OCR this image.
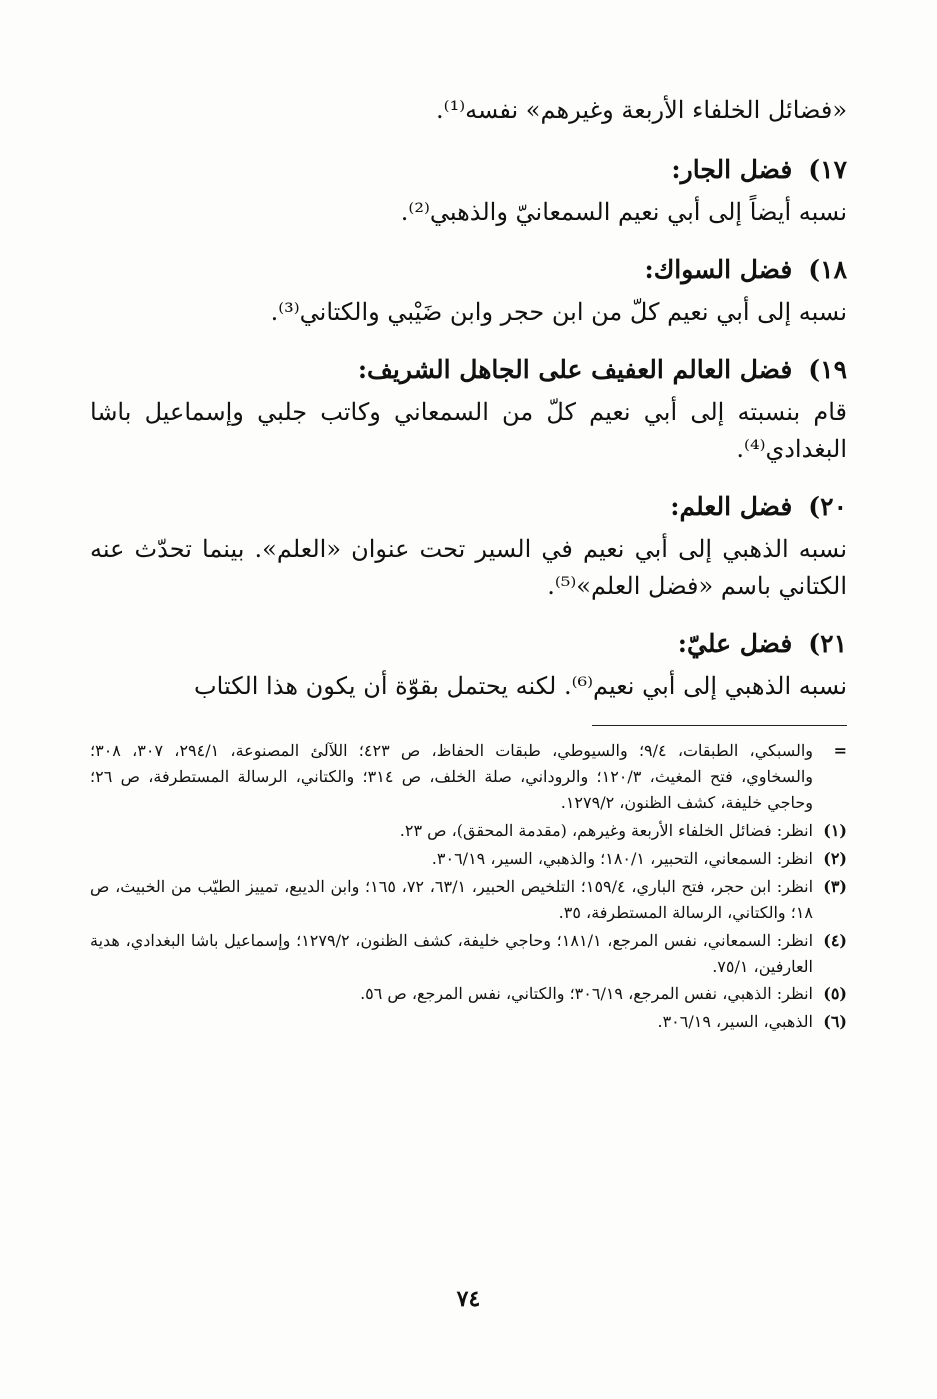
«فضائل الخلفاء الأربعة وغيرهم» نفسه⁽¹⁾.

١٧)
فضل الجار:

نسبه أيضاً إلى أبي نعيم السمعانيّ والذهبي⁽²⁾.

١٨)
فضل السواك:

نسبه إلى أبي نعيم كلّ من ابن حجر وابن ضَيْبي والكتاني⁽³⁾.

١٩)
فضل العالم العفيف على الجاهل الشريف:

قام بنسبته إلى أبي نعيم كلّ من السمعاني وكاتب جلبي وإسماعيل باشا البغدادي⁽⁴⁾.

٢٠)
فضل العلم:

نسبه الذهبي إلى أبي نعيم في السير تحت عنوان «العلم». بينما تحدّث عنه الكتاني باسم «فضل العلم»⁽⁵⁾.

٢١)
فضل عليّ:

نسبه الذهبي إلى أبي نعيم⁽⁶⁾. لكنه يحتمل بقوّة أن يكون هذا الكتاب

=
والسبكي، الطبقات، ٩/٤؛ والسيوطي، طبقات الحفاظ، ص ٤٢٣؛ اللآلئ المصنوعة، ٢٩٤/١، ٣٠٧، ٣٠٨؛ والسخاوي، فتح المغيث، ١٢٠/٣؛ والروداني، صلة الخلف، ص ٣١٤؛ والكتاني، الرسالة المستطرفة، ص ٢٦؛ وحاجي خليفة، كشف الظنون، ١٢٧٩/٢.
(١)
انظر: فضائل الخلفاء الأربعة وغيرهم، (مقدمة المحقق)، ص ٢٣.
(٢)
انظر: السمعاني، التحبير، ١٨٠/١؛ والذهبي، السير، ٣٠٦/١٩.
(٣)
انظر: ابن حجر، فتح الباري، ١٥٩/٤؛ التلخيص الحبير، ٦٣/١، ٧٢، ١٦٥؛ وابن الديبع، تمييز الطيّب من الخبيث، ص ١٨؛ والكتاني، الرسالة المستطرفة، ٣٥.
(٤)
انظر: السمعاني، نفس المرجع، ١٨١/١؛ وحاجي خليفة، كشف الظنون، ١٢٧٩/٢؛ وإسماعيل باشا البغدادي، هدية العارفين، ٧٥/١.
(٥)
انظر: الذهبي، نفس المرجع، ٣٠٦/١٩؛ والكتاني، نفس المرجع، ص ٥٦.
(٦)
الذهبي، السير، ٣٠٦/١٩.
٧٤
